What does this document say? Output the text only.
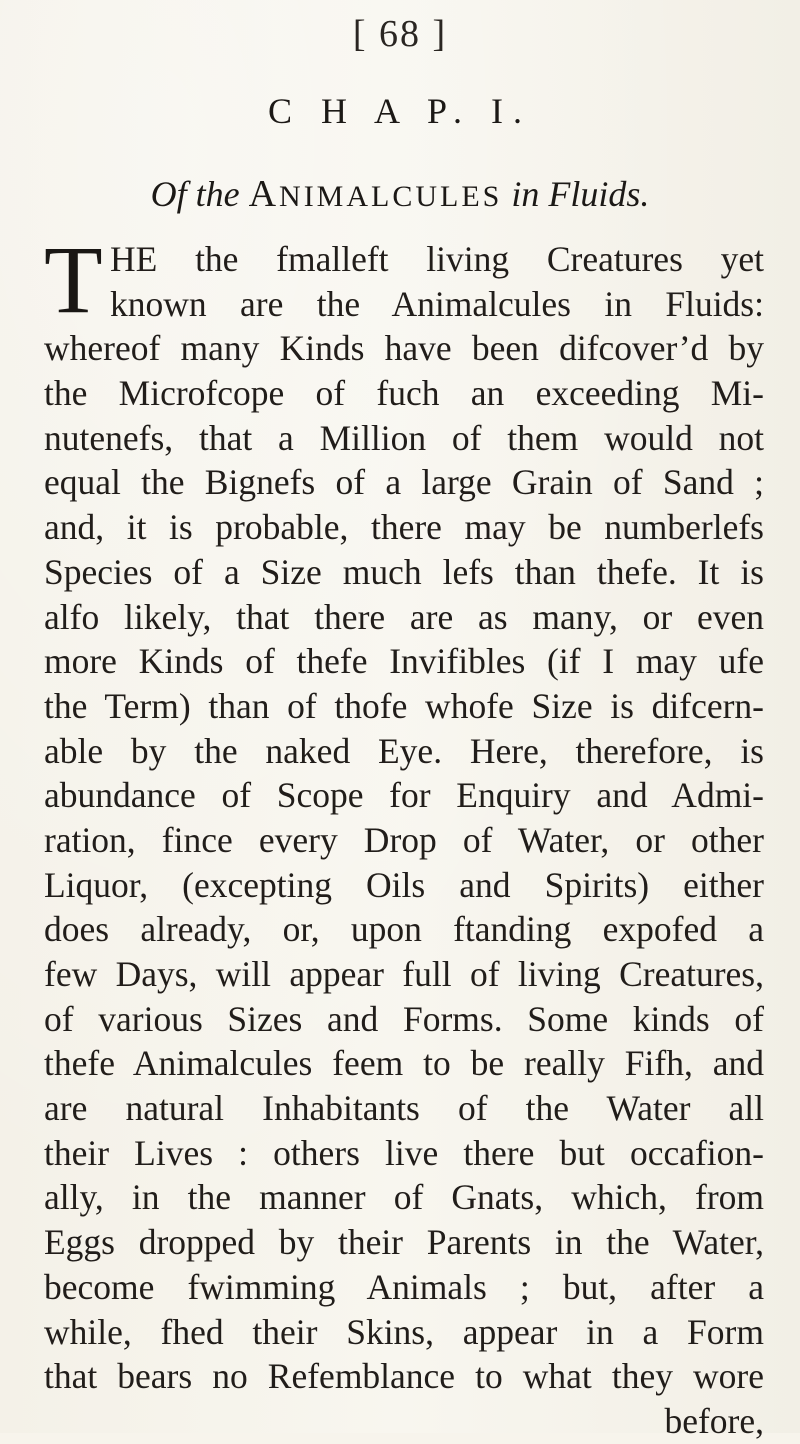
[ 68 ]
C H A P. I.
Of the ANIMALCULES in Fluids.
T HE the fmalleft living Creatures yet
known are the Animalcules in Fluids:
whereof many Kinds have been difcover’d by
the Microfcope of fuch an exceeding Mi-
nutenefs, that a Million of them would not
equal the Bignefs of a large Grain of Sand ;
and, it is probable, there may be numberlefs
Species of a Size much lefs than thefe. It is
alfo likely, that there are as many, or even
more Kinds of thefe Invifibles (if I may ufe
the Term) than of thofe whofe Size is difcern-
able by the naked Eye. Here, therefore, is
abundance of Scope for Enquiry and Admi-
ration, fince every Drop of Water, or other
Liquor, (excepting Oils and Spirits) either
does already, or, upon ftanding expofed a
few Days, will appear full of living Creatures,
of various Sizes and Forms. Some kinds of
thefe Animalcules feem to be really Fifh, and
are natural Inhabitants of the Water all
their Lives : others live there but occafion-
ally, in the manner of Gnats, which, from
Eggs dropped by their Parents in the Water,
become fwimming Animals ; but, after a
while, fhed their Skins, appear in a Form
that bears no Refemblance to what they wore
before,
